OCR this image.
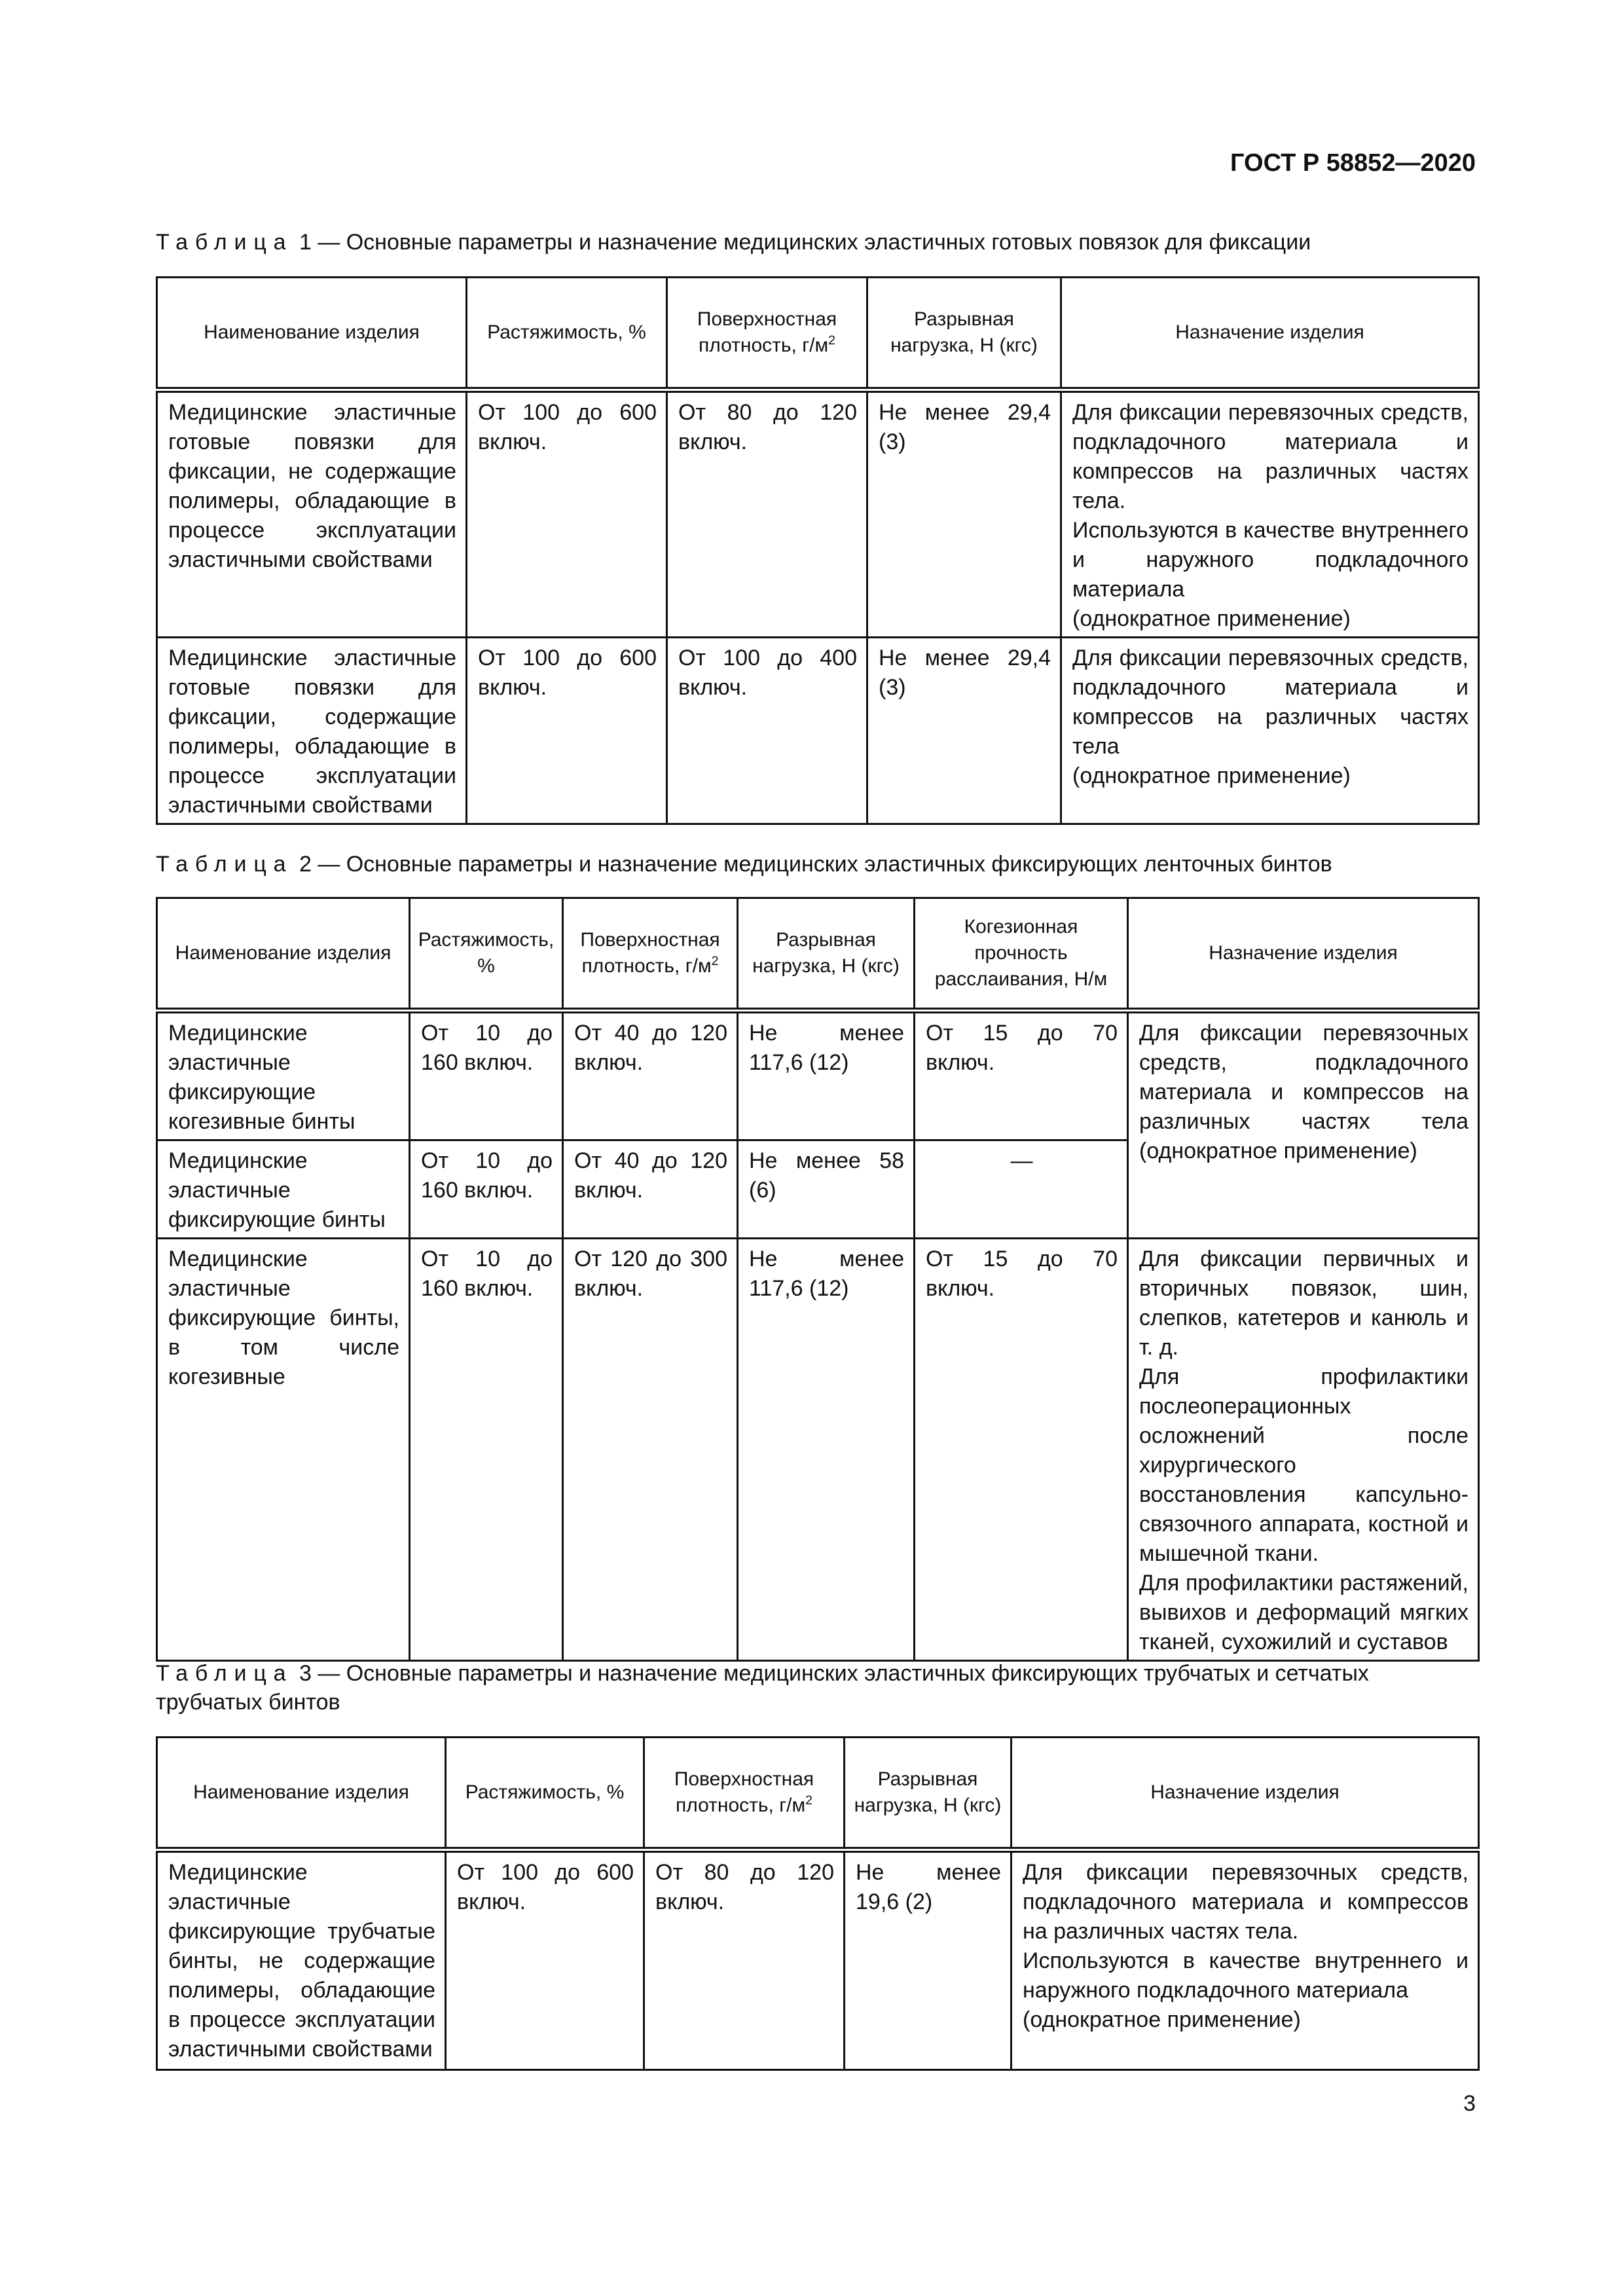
ГОСТ Р 58852—2020
Таблица 1 — Основные параметры и назначение медицинских эластичных готовых повязок для фиксации
Наименование изделия	Растяжимость, %	Поверхностная плотность, $г/м^2$	Разрывная нагрузка, Н (кгс)	Назначение изделия
Медицинские эластичные готовые повязки для фиксации, не содержащие полимеры, обладающие в процессе эксплуатации эластичными свойствами	От 100 до 600 включ.	От 80 до 120 включ.	Не менее 29,4 (3)	Для фиксации перевязочных средств, подкладочного материала и компрессов на различных частях тела.
Используются в качестве внутреннего и наружного подкладочного материала
(однократное применение)

Медицинские эластичные готовые повязки для фиксации, содержащие полимеры, обладающие в процессе эксплуатации эластичными свойствами	От 100 до 600 включ.	От 100 до 400 включ.	Не менее 29,4 (3)	Для фиксации перевязочных средств, подкладочного материала и компрессов на различных частях тела
(однократное применение)
Таблица 2 — Основные параметры и назначение медицинских эластичных фиксирующих ленточных бинтов
Наименование изделия	Растяжимость, %	Поверхностная плотность, $г/м^2$	Разрывная нагрузка, Н (кгс)	Когезионная прочность расслаивания, Н/м	Назначение изделия
Медицинские эластичные фиксирующие когезивные бинты	От 10 до 160 включ.	От 40 до 120 включ.	Не менее 117,6 (12)	От 15 до 70 включ.	Для фиксации перевязочных средств, подкладочного материала и компрессов на различных частях тела (однократное применение)
Медицинские эластичные фиксирующие бинты	От 10 до 160 включ.	От 40 до 120 включ.	Не менее 58 (6)	—	
Медицинские эластичные фиксирующие бинты, в том числе когезивные	От 10 до 160 включ.	От 120 до 300 включ.	Не менее 117,6 (12)	От 15 до 70 включ.	Для фиксации первичных и вторичных повязок, шин, слепков, катетеров и канюль и т. д.
Для профилактики послеоперационных осложнений после хирургического восстановления капсульно-связочного аппарата, костной и мышечной ткани.
Для профилактики растяжений, вывихов и деформаций мягких тканей, сухожилий и суставов
Таблица 3 — Основные параметры и назначение медицинских эластичных фиксирующих трубчатых и сетчатых трубчатых бинтов
Наименование изделия	Растяжимость, %	Поверхностная плотность, $г/м^2$	Разрывная нагрузка, Н (кгс)	Назначение изделия
Медицинские эластичные фиксирующие трубчатые бинты, не содержащие полимеры, обладающие в процессе эксплуатации эластичными свойствами	От 100 до 600 включ.	От 80 до 120 включ.	Не менее 19,6 (2)	Для фиксации перевязочных средств, подкладочного материала и компрессов на различных частях тела.
Используются в качестве внутреннего и наружного подкладочного материала
(однократное применение)
3
